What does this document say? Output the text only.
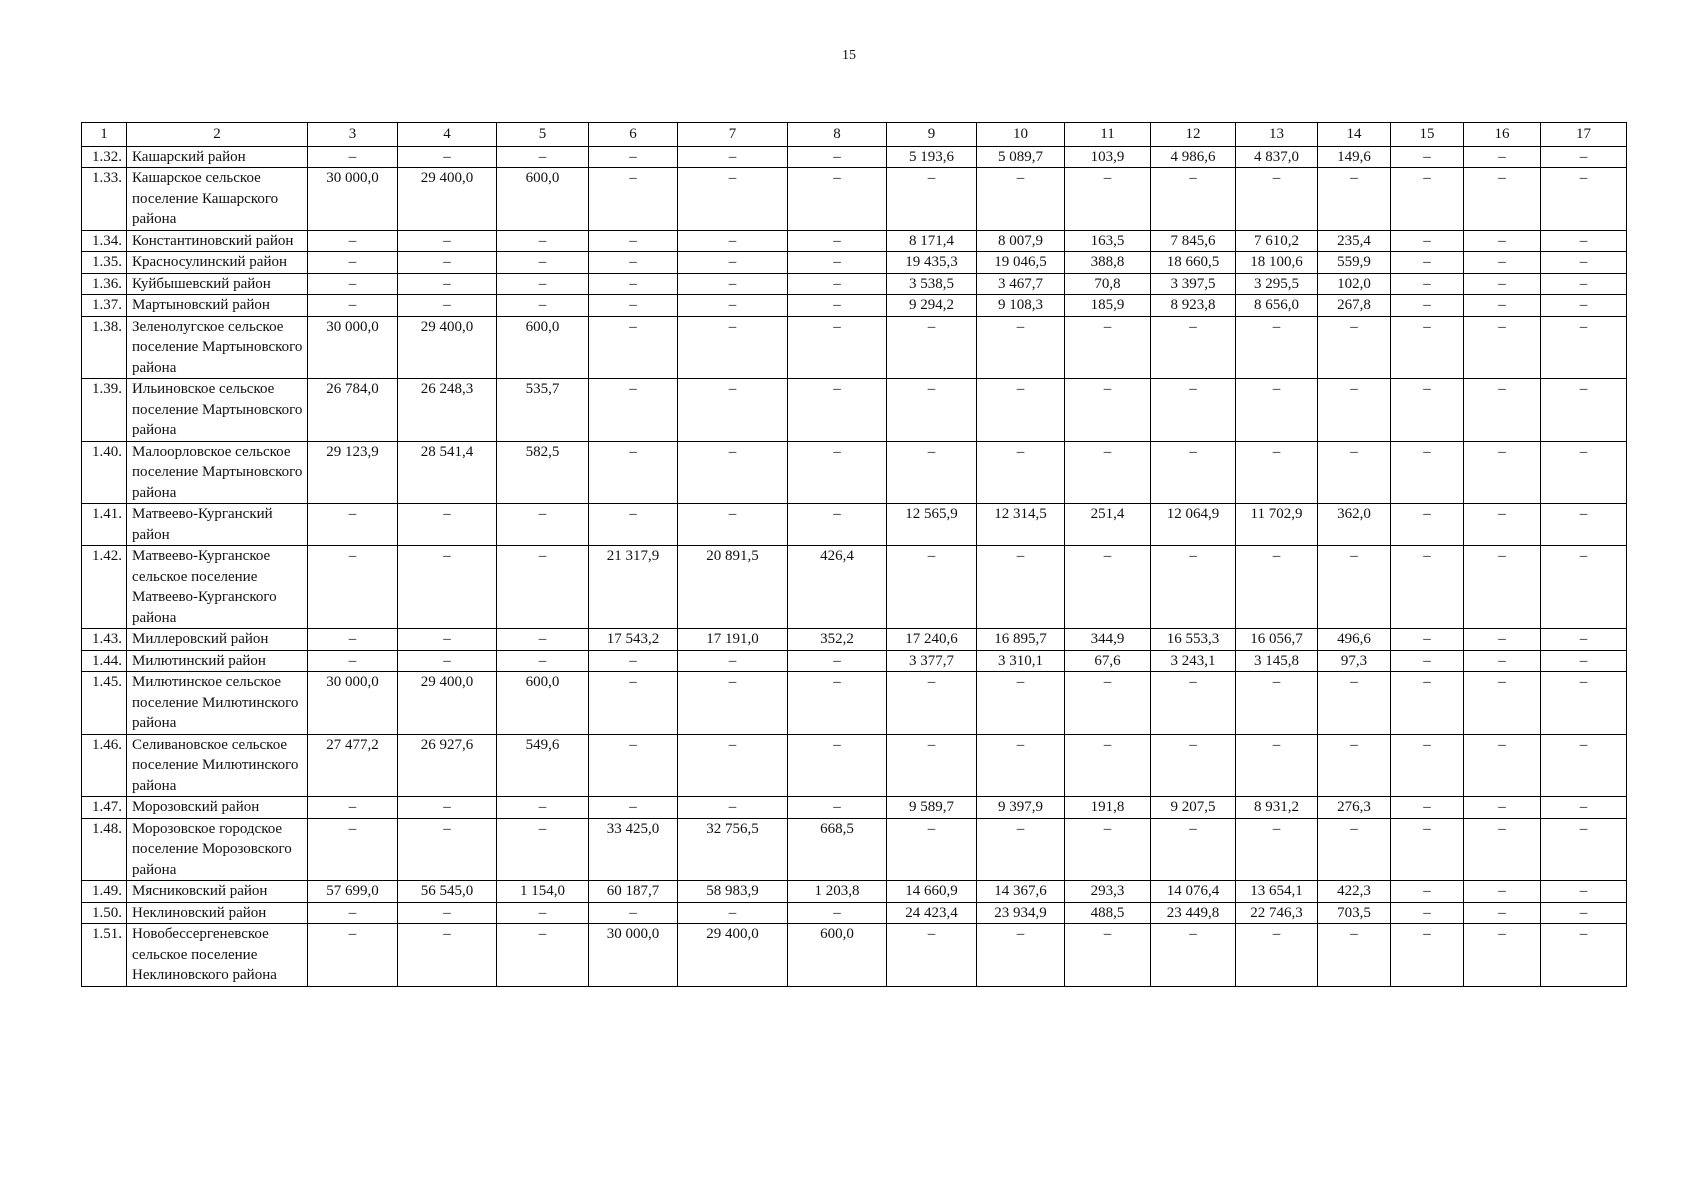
15
1	2	3	4	5	6	7	8	9	10	11	12	13	14	15	16	17
1.32.	Кашарский район	–	–	–	–	–	–	5 193,6	5 089,7	103,9	4 986,6	4 837,0	149,6	–	–	–
1.33.	Кашарское сельское поселение Кашарского района	30 000,0	29 400,0	600,0	–	–	–	–	–	–	–	–	–	–	–	–
1.34.	Константиновский район	–	–	–	–	–	–	8 171,4	8 007,9	163,5	7 845,6	7 610,2	235,4	–	–	–
1.35.	Красносулинский район	–	–	–	–	–	–	19 435,3	19 046,5	388,8	18 660,5	18 100,6	559,9	–	–	–
1.36.	Куйбышевский район	–	–	–	–	–	–	3 538,5	3 467,7	70,8	3 397,5	3 295,5	102,0	–	–	–
1.37.	Мартыновский район	–	–	–	–	–	–	9 294,2	9 108,3	185,9	8 923,8	8 656,0	267,8	–	–	–
1.38.	Зеленолугское сельское поселение Мартыновского района	30 000,0	29 400,0	600,0	–	–	–	–	–	–	–	–	–	–	–	–
1.39.	Ильиновское сельское поселение Мартыновского района	26 784,0	26 248,3	535,7	–	–	–	–	–	–	–	–	–	–	–	–
1.40.	Малоорловское сельское поселение Мартыновского района	29 123,9	28 541,4	582,5	–	–	–	–	–	–	–	–	–	–	–	–
1.41.	Матвеево-Курганский район	–	–	–	–	–	–	12 565,9	12 314,5	251,4	12 064,9	11 702,9	362,0	–	–	–
1.42.	Матвеево-Курганское сельское поселение Матвеево-Курганского района	–	–	–	21 317,9	20 891,5	426,4	–	–	–	–	–	–	–	–	–
1.43.	Миллеровский район	–	–	–	17 543,2	17 191,0	352,2	17 240,6	16 895,7	344,9	16 553,3	16 056,7	496,6	–	–	–
1.44.	Милютинский район	–	–	–	–	–	–	3 377,7	3 310,1	67,6	3 243,1	3 145,8	97,3	–	–	–
1.45.	Милютинское сельское поселение Милютинского района	30 000,0	29 400,0	600,0	–	–	–	–	–	–	–	–	–	–	–	–
1.46.	Селивановское сельское поселение Милютинского района	27 477,2	26 927,6	549,6	–	–	–	–	–	–	–	–	–	–	–	–
1.47.	Морозовский район	–	–	–	–	–	–	9 589,7	9 397,9	191,8	9 207,5	8 931,2	276,3	–	–	–
1.48.	Морозовское городское поселение Морозовского района	–	–	–	33 425,0	32 756,5	668,5	–	–	–	–	–	–	–	–	–
1.49.	Мясниковский район	57 699,0	56 545,0	1 154,0	60 187,7	58 983,9	1 203,8	14 660,9	14 367,6	293,3	14 076,4	13 654,1	422,3	–	–	–
1.50.	Неклиновский район	–	–	–	–	–	–	24 423,4	23 934,9	488,5	23 449,8	22 746,3	703,5	–	–	–
1.51.	Новобессергеневское сельское поселение Неклиновского района	–	–	–	30 000,0	29 400,0	600,0	–	–	–	–	–	–	–	–	–
